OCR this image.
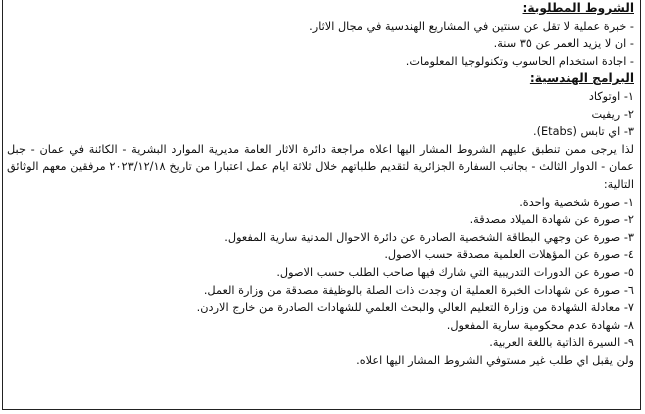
الشروط المطلوبة:
- خبرة عملية لا تقل عن سنتين في المشاريع الهندسية في مجال الاثار.
- ان لا يزيد العمر عن ٣٥ سنة.
- اجادة استخدام الحاسوب وتكنولوجيا المعلومات.
البرامج الهندسية:
١- اوتوكاد
٢- ريفيت
٣- اي تابس (Etabs).
لذا يرجى ممن تنطبق عليهم الشروط المشار اليها اعلاه مراجعة دائرة الاثار العامة مديرية الموارد البشرية - الكائنة في عمان - جبل عمان - الدوار الثالث - بجانب السفارة الجزائرية لتقديم طلباتهم خلال ثلاثة ايام عمل اعتبارا من تاريخ ٢٠٢٣/١٢/١٨ مرفقين معهم الوثائق التالية:
١- صورة شخصية واحدة.
٢- صورة عن شهادة الميلاد مصدقة.
٣- صورة عن وجهي البطاقة الشخصية الصادرة عن دائرة الاحوال المدنية سارية المفعول.
٤- صورة عن المؤهلات العلمية مصدقة حسب الاصول.
٥- صورة عن الدورات التدريبية التي شارك فيها صاحب الطلب حسب الاصول.
٦- صورة عن شهادات الخبرة العملية ان وجدت ذات الصلة بالوظيفة مصدقة من وزارة العمل.
٧- معادلة الشهادة من وزارة التعليم العالي والبحث العلمي للشهادات الصادرة من خارج الاردن.
٨- شهادة عدم محكومية سارية المفعول.
٩- السيرة الذاتية باللغة العربية.
ولن يقبل اي طلب غير مستوفي الشروط المشار اليها اعلاه.
